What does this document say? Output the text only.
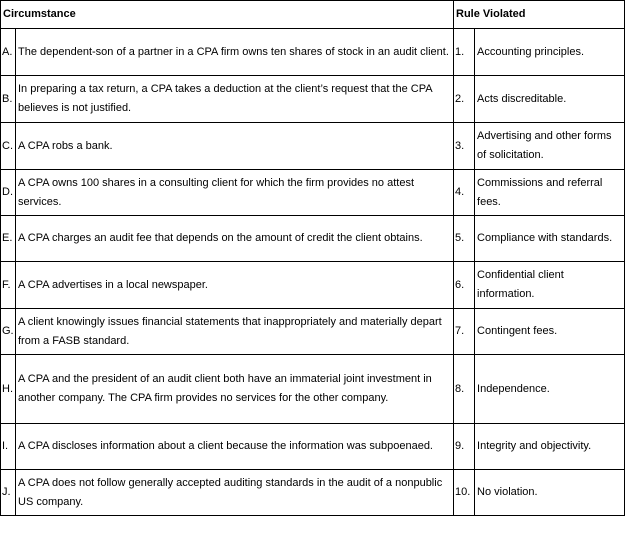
Circumstance		Rule Violated	
A.	The dependent-son of a partner in a CPA firm owns ten shares of stock in an audit client.	1.	Accounting principles.
B.	In preparing a tax return, a CPA takes a deduction at the client’s request that the CPA believes is not justified.	2.	Acts discreditable.
C.	A CPA robs a bank.	3.	Advertising and other forms of solicitation.
D.	A CPA owns 100 shares in a consulting client for which the firm provides no attest services.	4.	Commissions and referral fees.
E.	A CPA charges an audit fee that depends on the amount of credit the client obtains.	5.	Compliance with standards.
F.	A CPA advertises in a local newspaper.	6.	Confidential client information.
G.	A client knowingly issues financial statements that inappropriately and materially depart from a FASB standard.	7.	Contingent fees.
H.	A CPA and the president of an audit client both have an immaterial joint investment in another company. The CPA firm provides no services for the other company.	8.	Independence.
I.	A CPA discloses information about a client because the information was subpoenaed.	9.	Integrity and objectivity.
J.	A CPA does not follow generally accepted auditing standards in the audit of a nonpublic US company.	10.	No violation.
